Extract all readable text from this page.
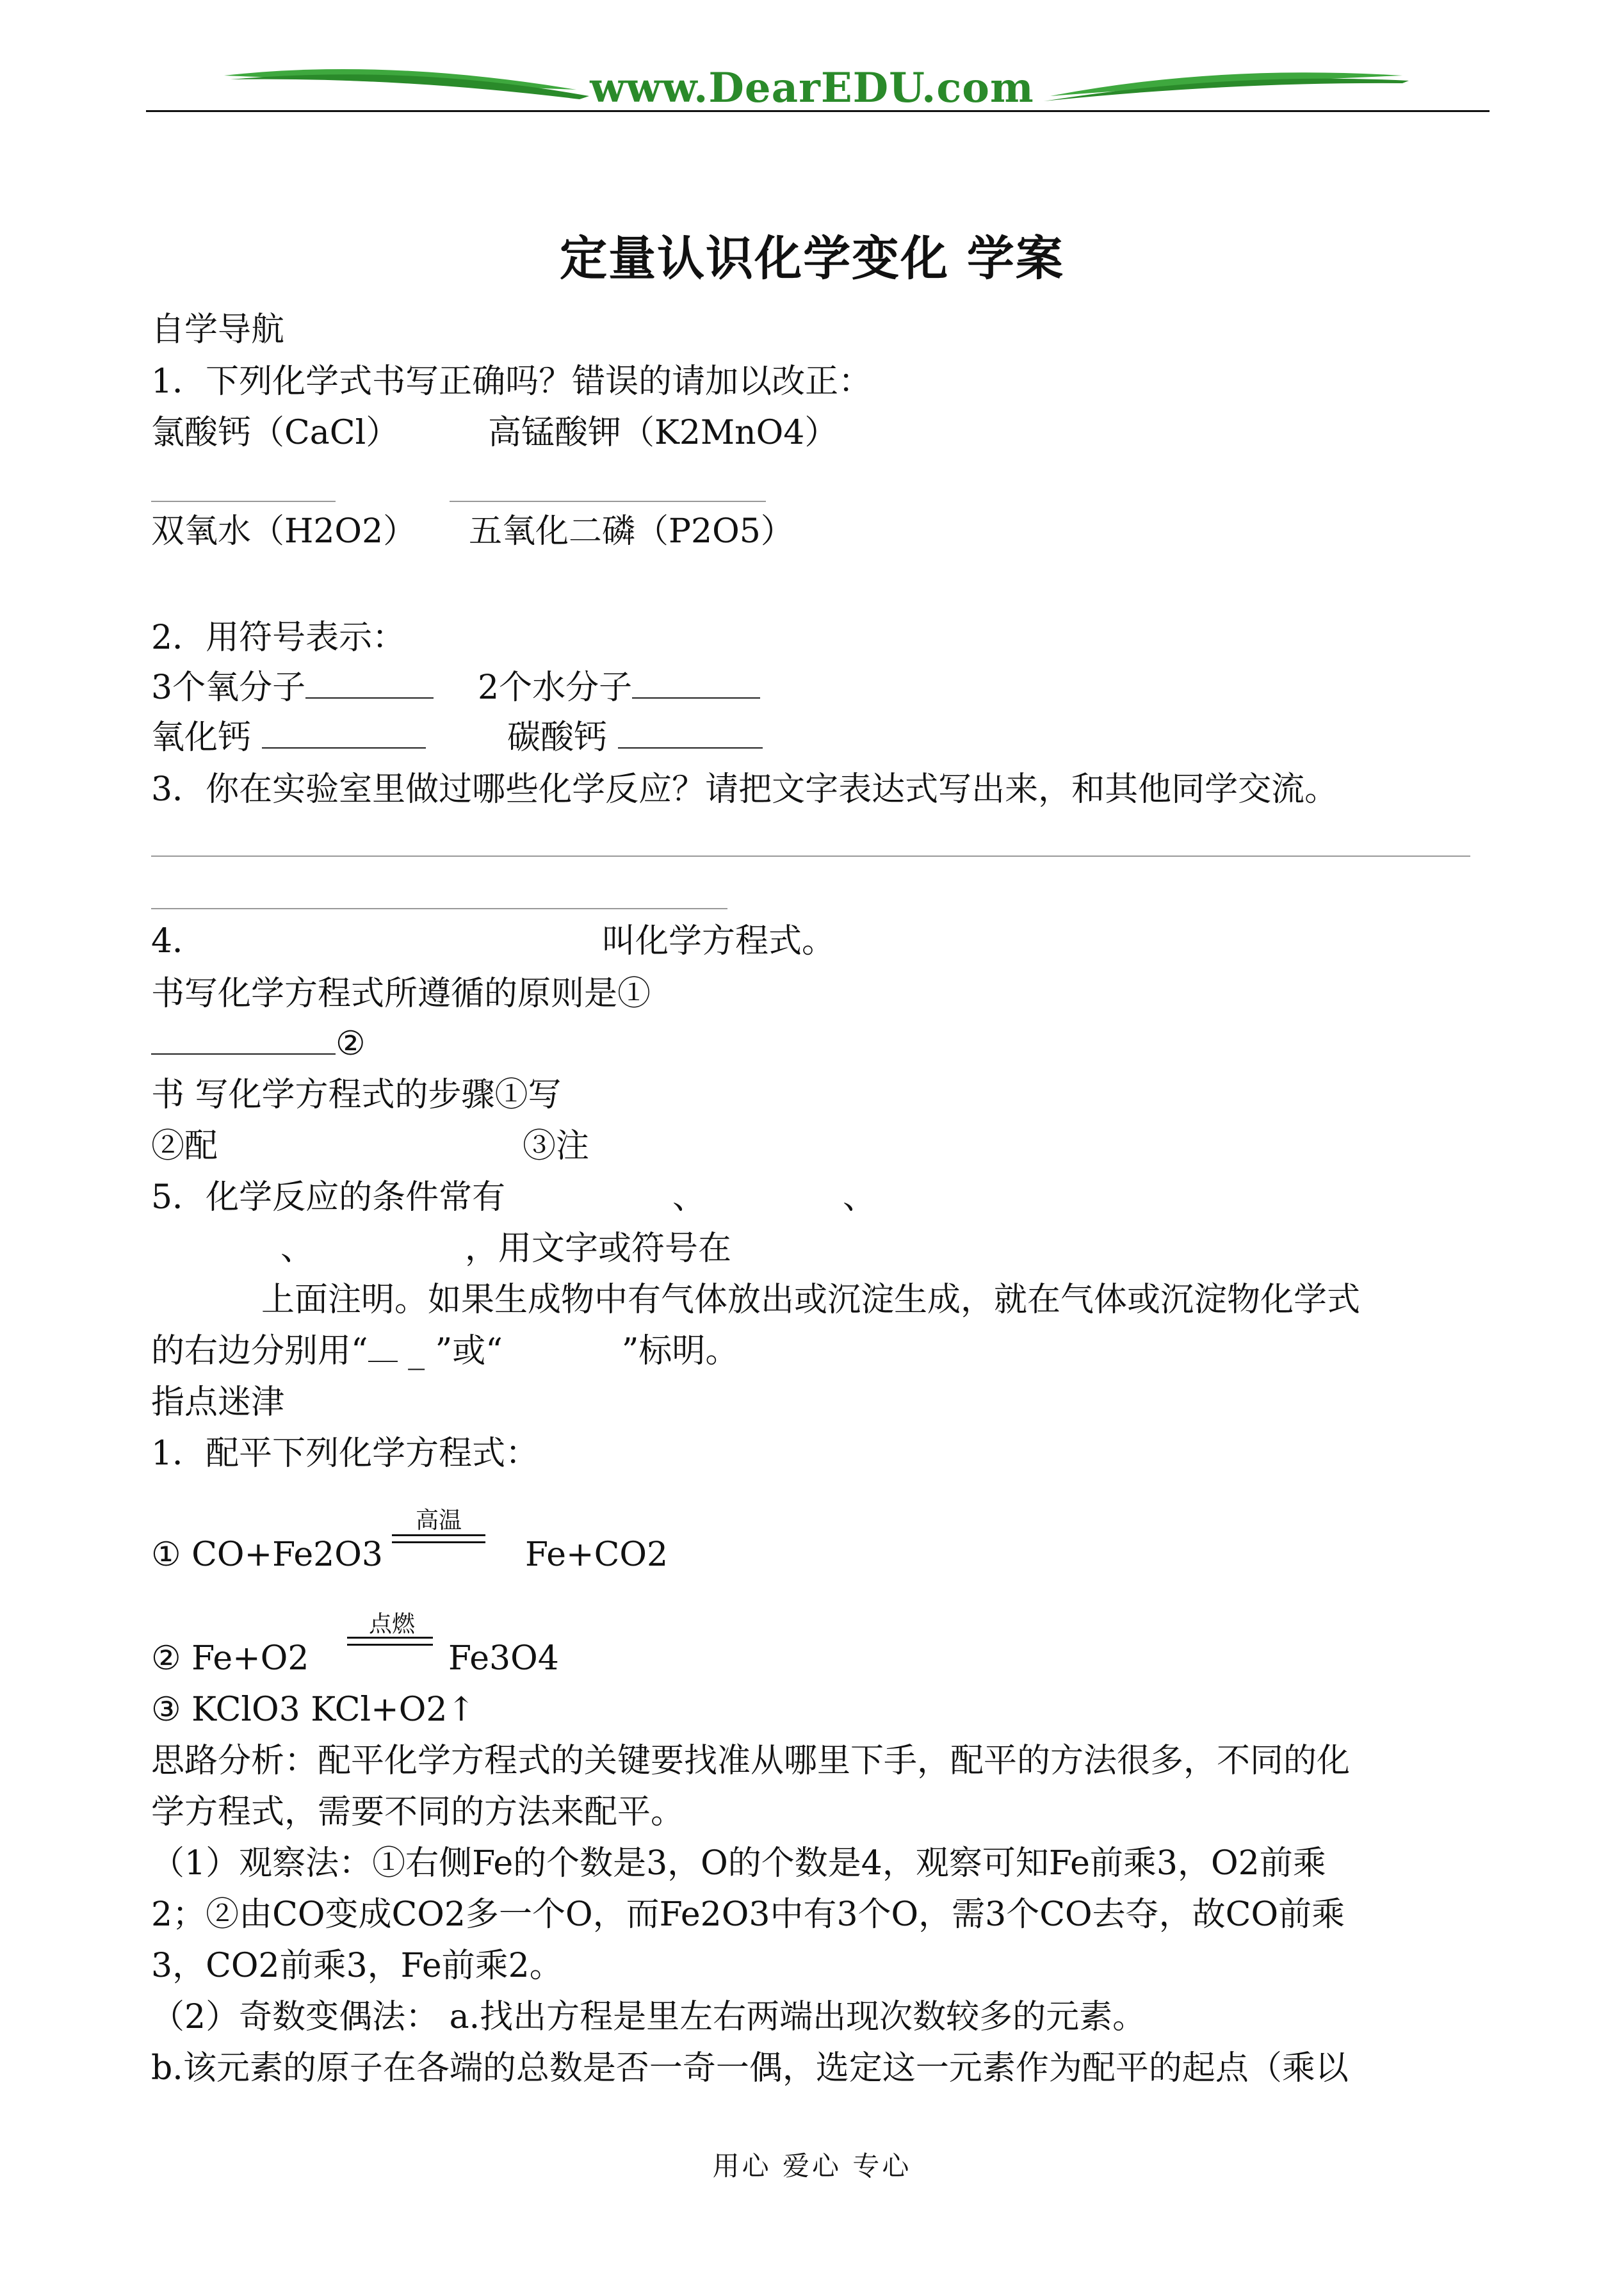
www.DearEDU.com
定量认识化学变化 学案
自学导航
1．下列化学式书写正确吗？错误的请加以改正：
氯酸钙（CaCl）	高锰酸钾（K2MnO4）
双氧水（H2O2） 五氧化二磷（P2O5）
2．用符号表示：
3个氧分子	2个水分子
氧化钙	碳酸钙
3．你在实验室里做过哪些化学反应？请把文字表达式写出来，和其他同学交流。
4．	叫化学方程式。
书写化学方程式所遵循的原则是①
②
书 写化学方程式的步骤①写
②配	③注
5．化学反应的条件常有	、	、
、	，用文字或符号在
上面注明。如果生成物中有气体放出或沉淀生成，就在气体或沉淀物化学式
的右边分别用“ _ ”或“	”标明。
指点迷津
1．配平下列化学方程式：
高温
① CO+Fe2O3	Fe+CO2
点燃
② Fe+O2	Fe3O4
③ KClO3 KCl+O2↑
思路分析：配平化学方程式的关键要找准从哪里下手，配平的方法很多，不同的化
学方程式，需要不同的方法来配平。
（1）观察法：①右侧Fe的个数是3，O的个数是4，观察可知Fe前乘3，O2前乘
2；②由CO变成CO2多一个O，而Fe2O3中有3个O，需3个CO去夺，故CO前乘
3，CO2前乘3，Fe前乘2。
（2）奇数变偶法： a.找出方程是里左右两端出现次数较多的元素。
b.该元素的原子在各端的总数是否一奇一偶，选定这一元素作为配平的起点（乘以
用心 爱心 专心
